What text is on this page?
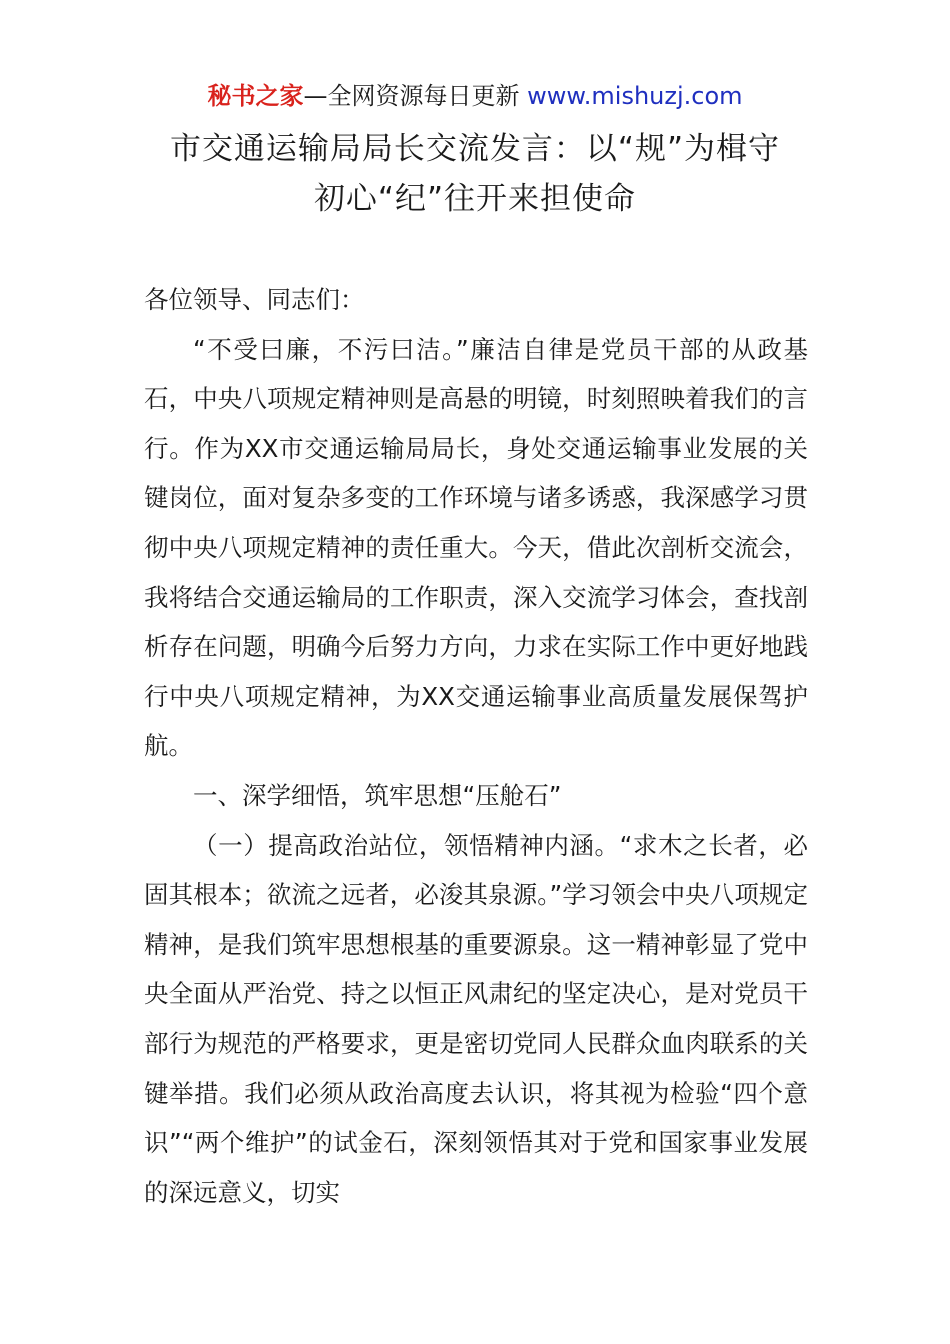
秘书之家—全网资源每日更新 www.mishuzj.com
市交通运输局局长交流发言：以“规”为楫守
初心“纪”往开来担使命

各位领导、同志们：

“不受曰廉，不污曰洁。”廉洁自律是党员干部的从政基石，中央八项规定精神则是高悬的明镜，时刻照映着我们的言行。作为XX市交通运输局局长，身处交通运输事业发展的关键岗位，面对复杂多变的工作环境与诸多诱惑，我深感学习贯彻中央八项规定精神的责任重大。今天，借此次剖析交流会，我将结合交通运输局的工作职责，深入交流学习体会，查找剖析存在问题，明确今后努力方向，力求在实际工作中更好地践行中央八项规定精神，为XX交通运输事业高质量发展保驾护航。

一、深学细悟，筑牢思想“压舱石”

（一）提高政治站位，领悟精神内涵。“求木之长者，必固其根本；欲流之远者，必浚其泉源。”学习领会中央八项规定精神，是我们筑牢思想根基的重要源泉。这一精神彰显了党中央全面从严治党、持之以恒正风肃纪的坚定决心，是对党员干部行为规范的严格要求，更是密切党同人民群众血肉联系的关键举措。我们必须从政治高度去认识，将其视为检验“四个意识”“两个维护”的试金石，深刻领悟其对于党和国家事业发展的深远意义，切实
